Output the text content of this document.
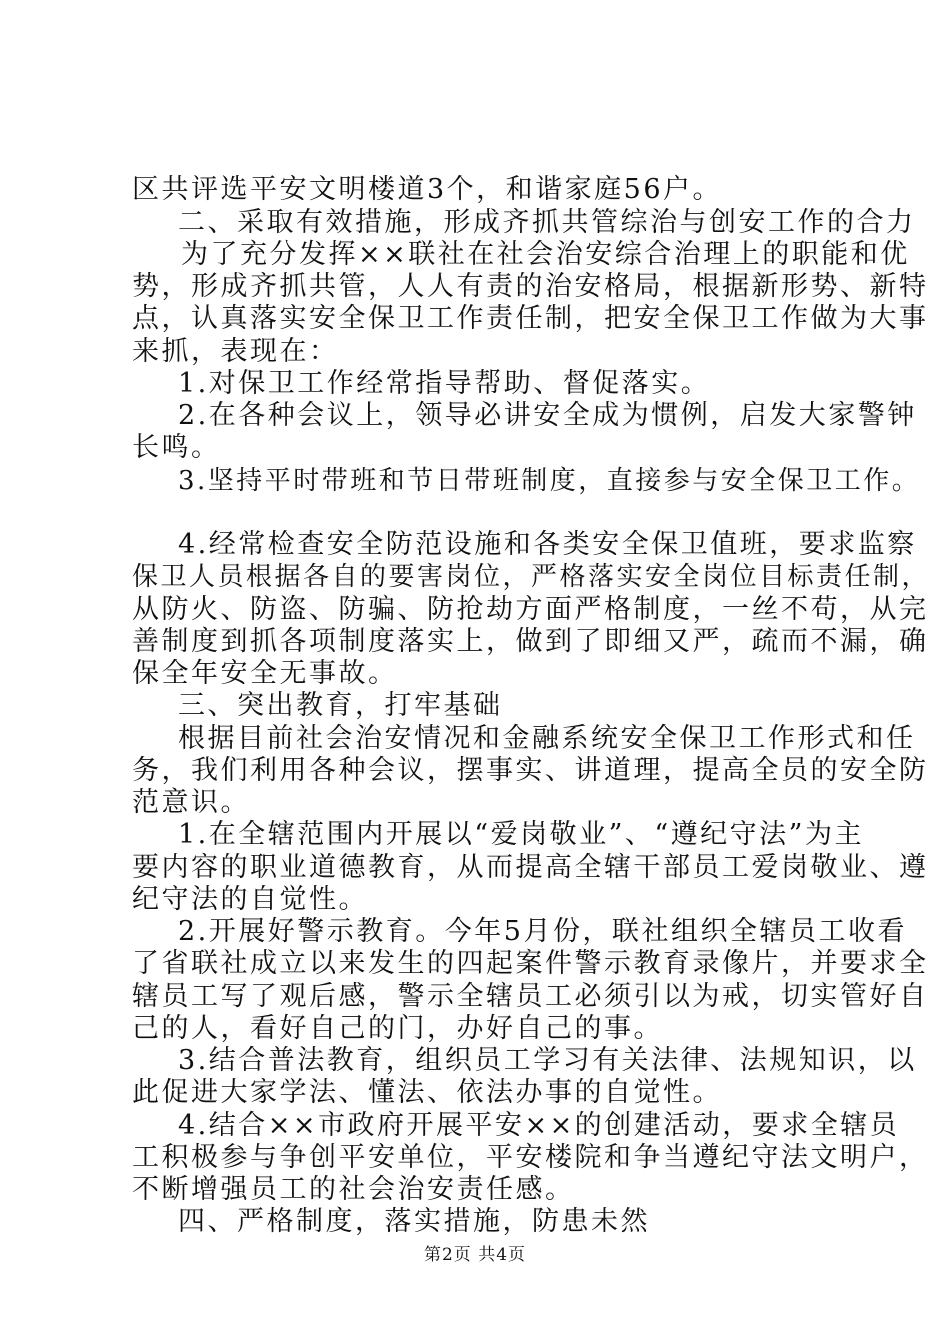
区共评选平安文明楼道3个，和谐家庭56户。
二、采取有效措施，形成齐抓共管综治与创安工作的合力
为了充分发挥××联社在社会治安综合治理上的职能和优
势，形成齐抓共管，人人有责的治安格局，根据新形势、新特
点，认真落实安全保卫工作责任制，把安全保卫工作做为大事
来抓，表现在：
1.对保卫工作经常指导帮助、督促落实。
2.在各种会议上，领导必讲安全成为惯例，启发大家警钟
长鸣。
3.坚持平时带班和节日带班制度，直接参与安全保卫工作。
4.经常检查安全防范设施和各类安全保卫值班，要求监察
保卫人员根据各自的要害岗位，严格落实安全岗位目标责任制，
从防火、防盗、防骗、防抢劫方面严格制度，一丝不苟，从完
善制度到抓各项制度落实上，做到了即细又严，疏而不漏，确
保全年安全无事故。
三、突出教育，打牢基础
根据目前社会治安情况和金融系统安全保卫工作形式和任
务，我们利用各种会议，摆事实、讲道理，提高全员的安全防
范意识。
1.在全辖范围内开展以“爱岗敬业”、“遵纪守法”为主
要内容的职业道德教育，从而提高全辖干部员工爱岗敬业、遵
纪守法的自觉性。
2.开展好警示教育。今年5月份，联社组织全辖员工收看
了省联社成立以来发生的四起案件警示教育录像片，并要求全
辖员工写了观后感，警示全辖员工必须引以为戒，切实管好自
己的人，看好自己的门，办好自己的事。
3.结合普法教育，组织员工学习有关法律、法规知识，以
此促进大家学法、懂法、依法办事的自觉性。
4.结合××市政府开展平安××的创建活动，要求全辖员
工积极参与争创平安单位，平安楼院和争当遵纪守法文明户，
不断增强员工的社会治安责任感。
四、严格制度，落实措施，防患未然
第2页 共4页
